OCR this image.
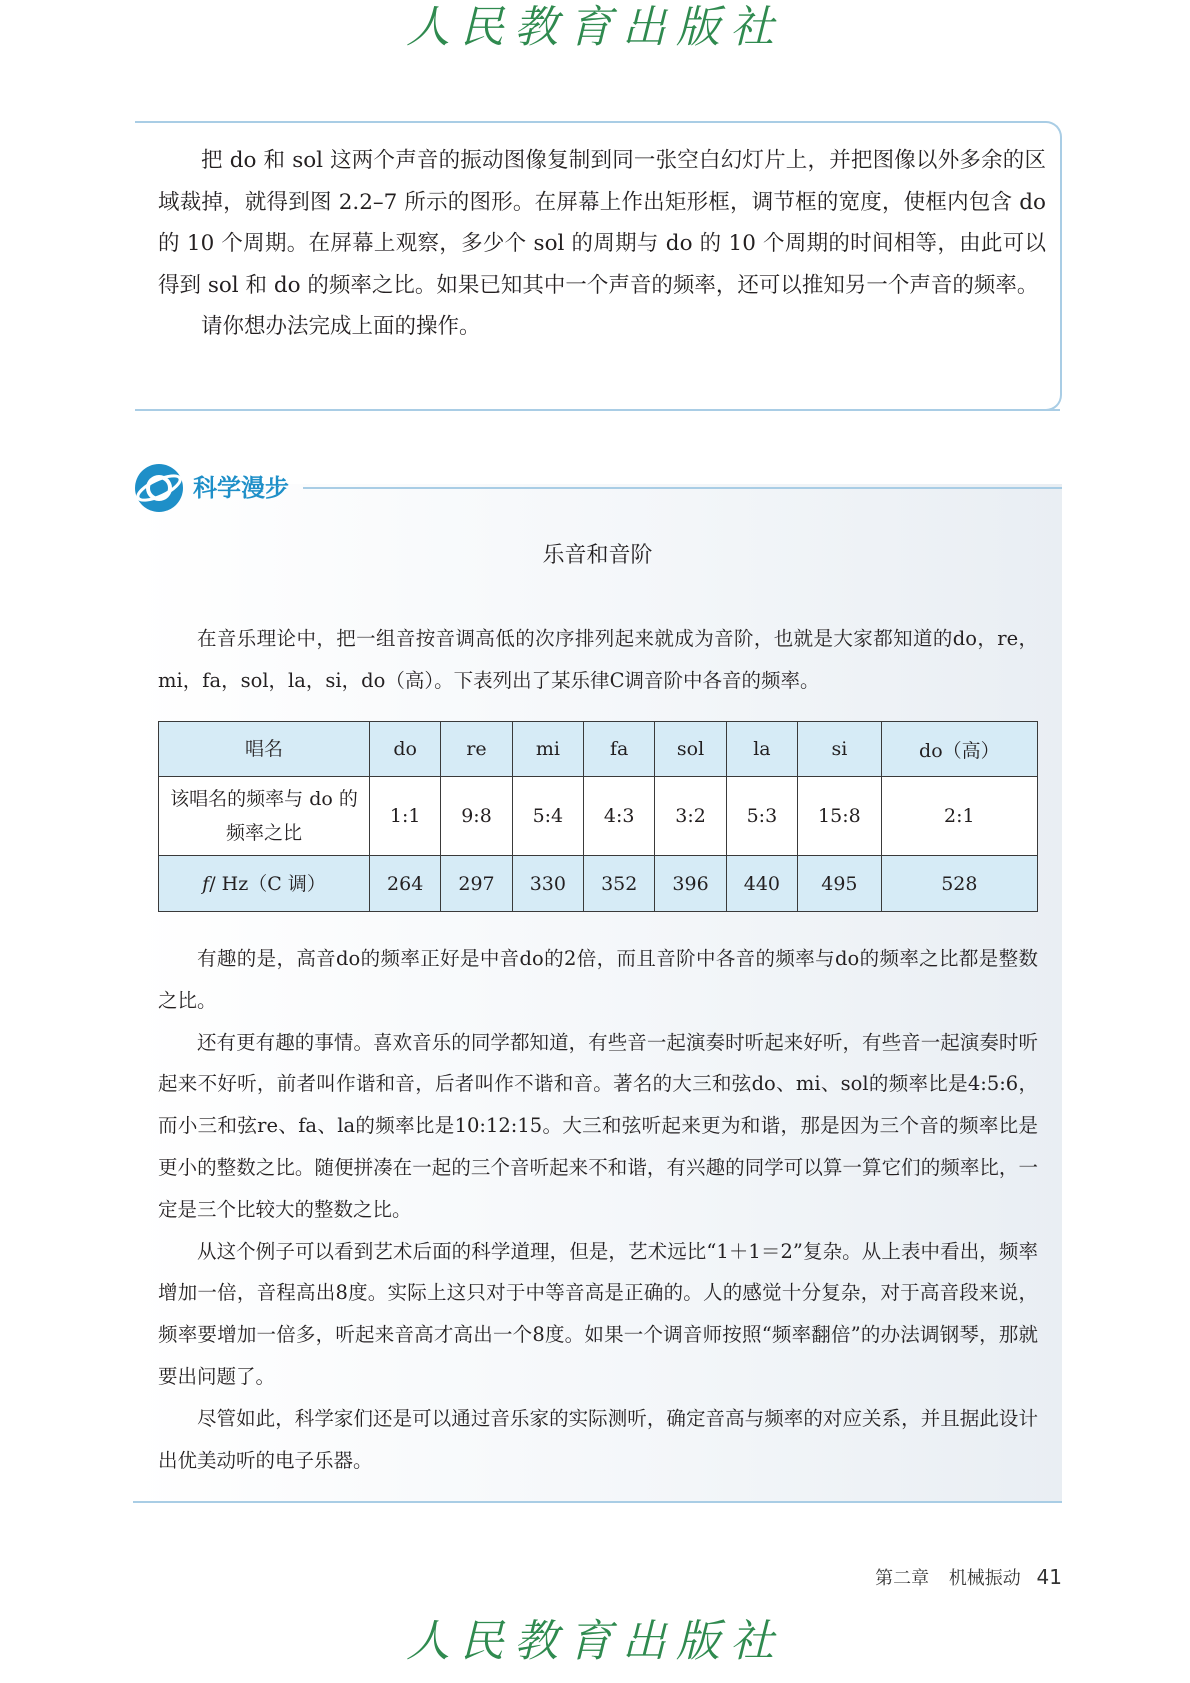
人民教育出版社

把 do 和 sol 这两个声音的振动图像复制到同一张空白幻灯片上，并把图像以外多余的区域裁掉，就得到图 2.2–7 所示的图形。在屏幕上作出矩形框，调节框的宽度，使框内包含 do 的 10 个周期。在屏幕上观察，多少个 sol 的周期与 do 的 10 个周期的时间相等，由此可以得到 sol 和 do 的频率之比。如果已知其中一个声音的频率，还可以推知另一个声音的频率。

请你想办法完成上面的操作。

科学漫步
乐音和音阶

在音乐理论中，把一组音按音调高低的次序排列起来就成为音阶，也就是大家都知道的do，re，mi，fa，sol，la，si，do（高）。下表列出了某乐律C调音阶中各音的频率。

唱名	do	re	mi	fa	sol	la	si	do（高）
该唱名的频率与 do 的
频率之比	1:1	9:8	5:4	4:3	3:2	5:3	15:8	2:1
f/ Hz（C 调）	264	297	330	352	396	440	495	528

有趣的是，高音do的频率正好是中音do的2倍，而且音阶中各音的频率与do的频率之比都是整数之比。

还有更有趣的事情。喜欢音乐的同学都知道，有些音一起演奏时听起来好听，有些音一起演奏时听起来不好听，前者叫作谐和音，后者叫作不谐和音。著名的大三和弦do、mi、sol的频率比是4:5:6，而小三和弦re、fa、la的频率比是10:12:15。大三和弦听起来更为和谐，那是因为三个音的频率比是更小的整数之比。随便拼凑在一起的三个音听起来不和谐，有兴趣的同学可以算一算它们的频率比，一定是三个比较大的整数之比。

从这个例子可以看到艺术后面的科学道理，但是，艺术远比“1＋1＝2”复杂。从上表中看出，频率增加一倍，音程高出8度。实际上这只对于中等音高是正确的。人的感觉十分复杂，对于高音段来说，频率要增加一倍多，听起来音高才高出一个8度。如果一个调音师按照“频率翻倍”的办法调钢琴，那就要出问题了。

尽管如此，科学家们还是可以通过音乐家的实际测听，确定音高与频率的对应关系，并且据此设计出优美动听的电子乐器。

第二章 机械振动 41
人民教育出版社
